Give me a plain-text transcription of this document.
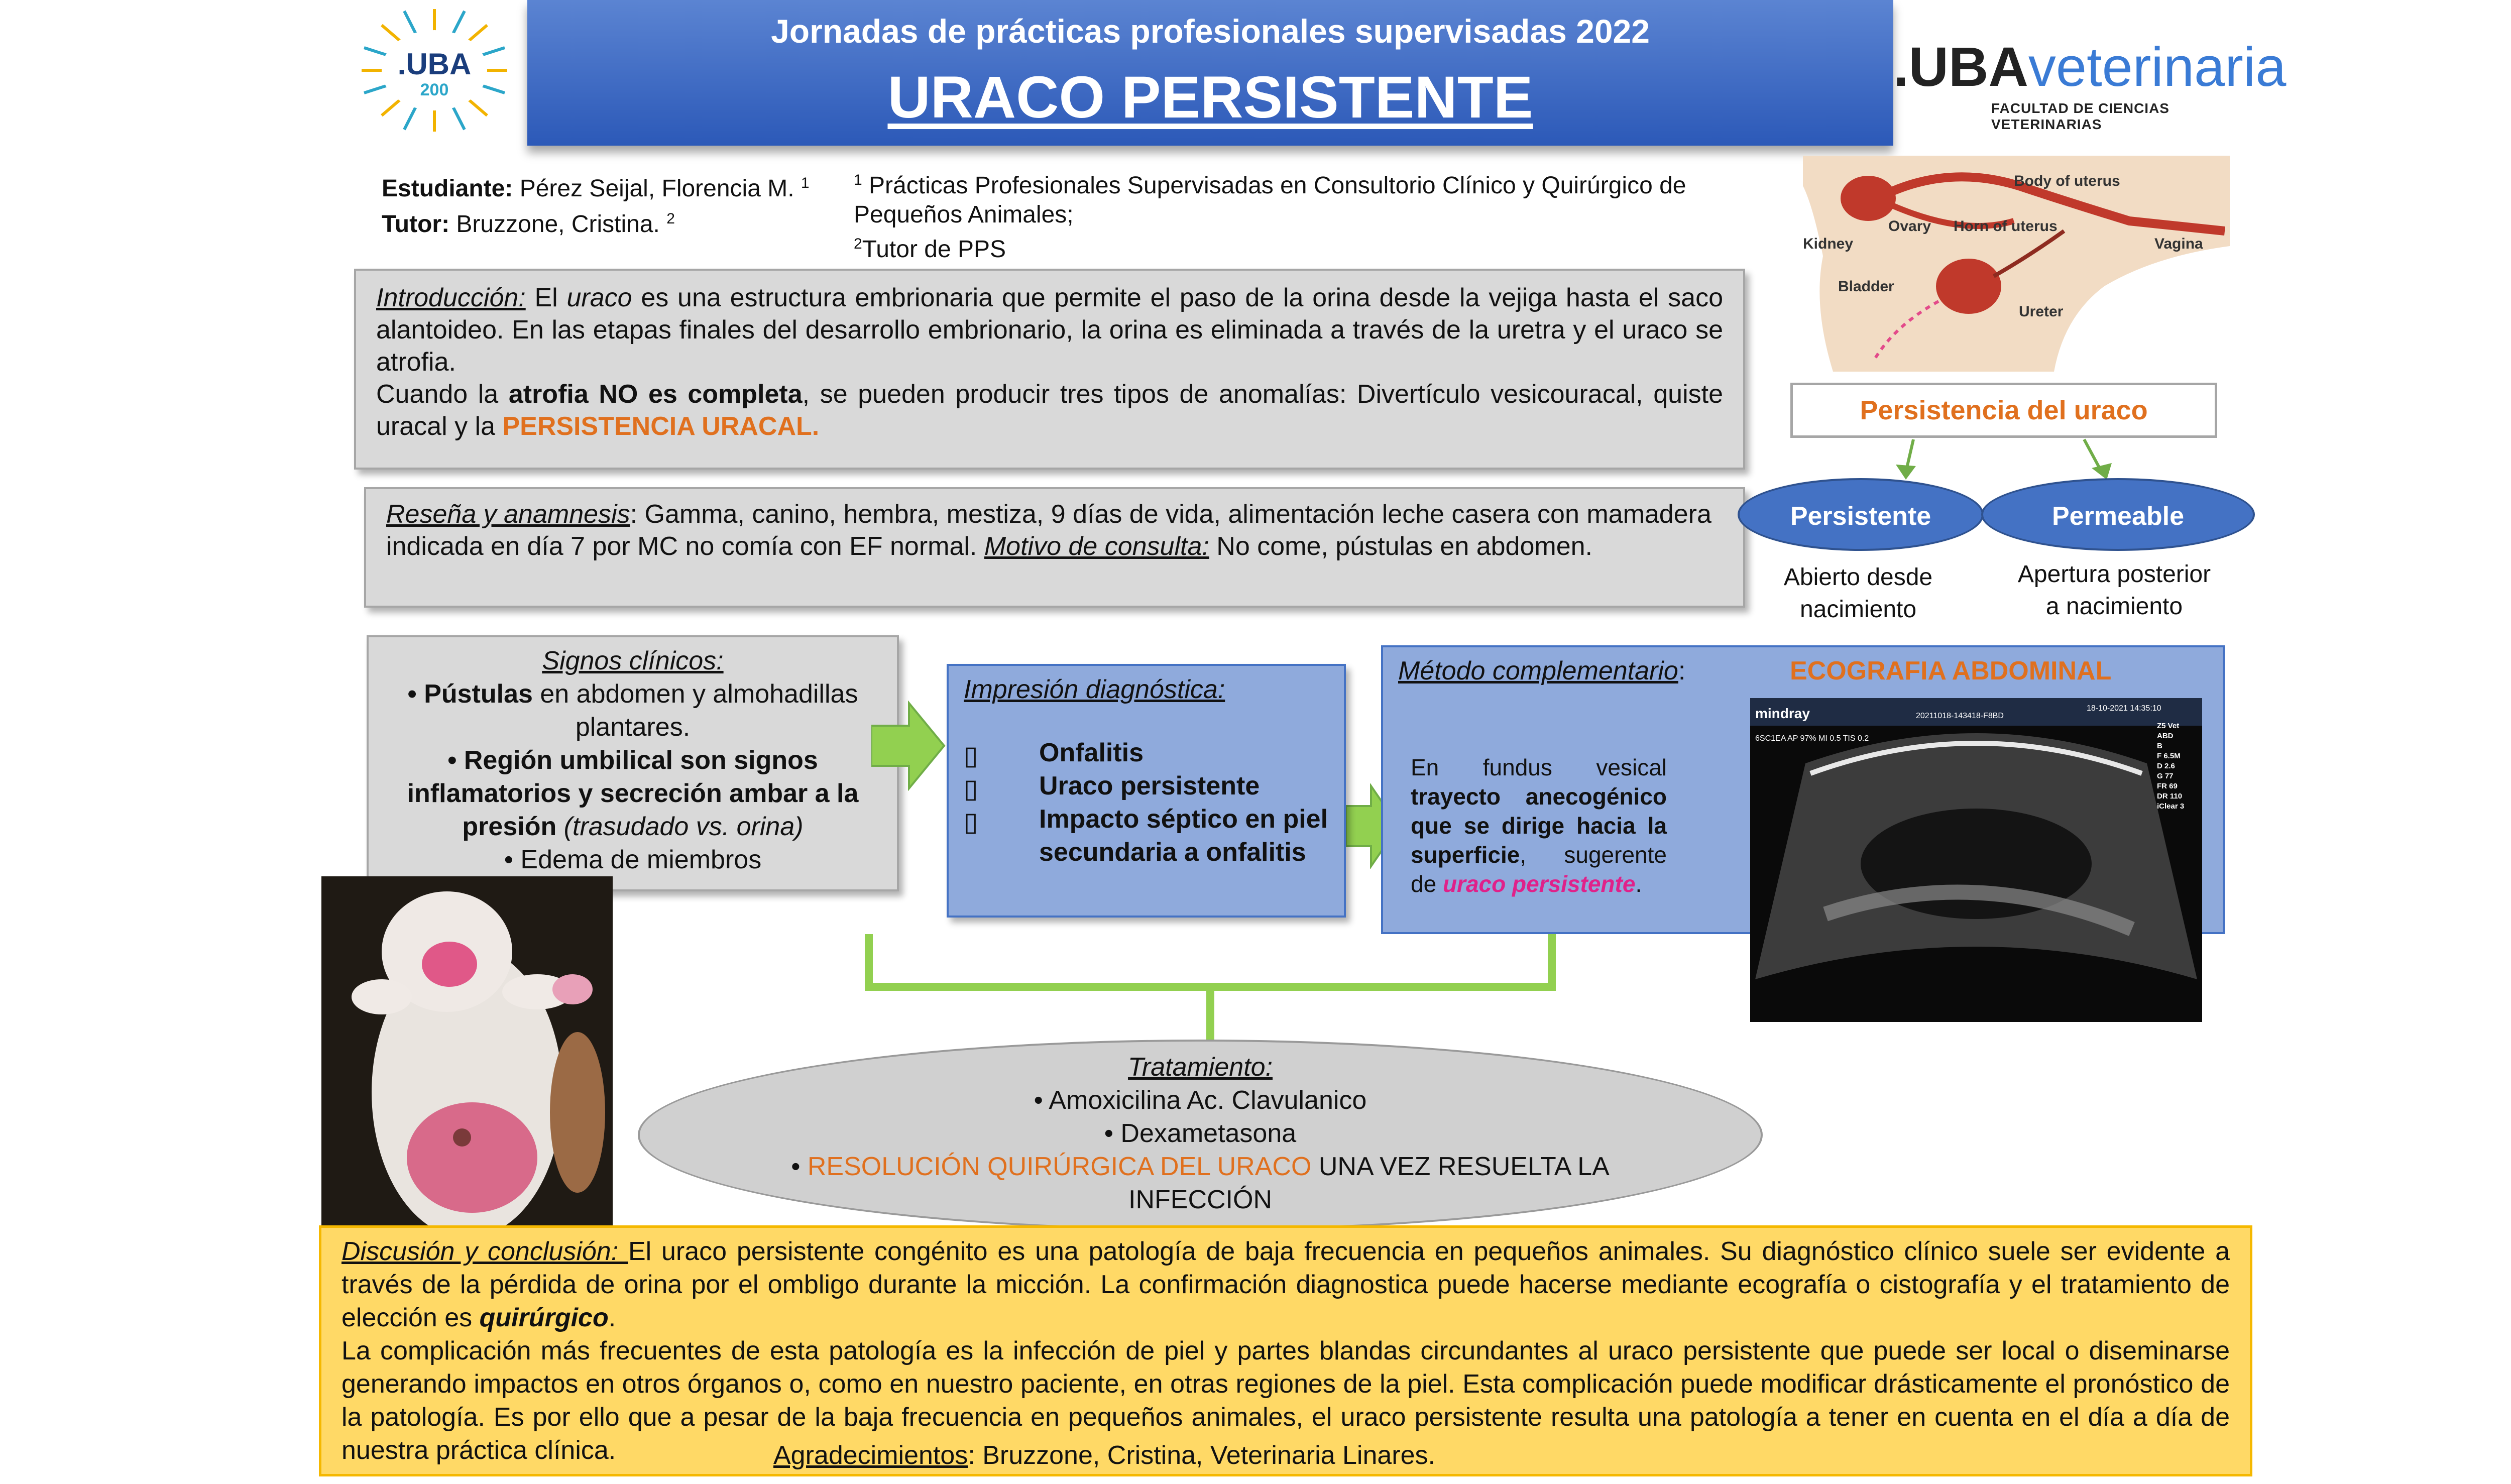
.UBA
200
Jornadas de prácticas profesionales supervisadas 2022
URACO PERSISTENTE	.UBAveterinaria
FACULTAD DE CIENCIAS VETERINARIAS
Estudiante: Pérez Seijal, Florencia M. $^1$
Tutor: Bruzzone, Cristina. $^2$
$^1$ Prácticas Profesionales Supervisadas en Consultorio Clínico y Quirúrgico de Pequeños Animales;
$^2$Tutor de PPS	Kidney
Ovary Horn of uterus
Body of uterus
Vagina
Bladder
Ureter
Introducción: El uraco es una estructura embrionaria que permite el paso de la orina desde la vejiga hasta el saco alantoideo. En las etapas finales del desarrollo embrionario, la orina es eliminada a través de la uretra y el uraco se atrofia.
Cuando la atrofia NO es completa, se pueden producir tres tipos de anomalías: Divertículo vesicouracal, quiste uracal y la PERSISTENCIA URACAL.
Reseña y anamnesis: Gamma, canino, hembra, mestiza, 9 días de vida, alimentación leche casera con mamadera indicada en día 7 por MC no comía con EF normal. Motivo de consulta: No come, pústulas en abdomen.
Persistencia del uraco
Persistente	Permeable
Abierto desde
nacimiento
Apertura posterior
a nacimiento
Signos clínicos:
• Pústulas en abdomen y almohadillas plantares.
• Región umbilical son signos inflamatorios y secreción ambar a la presión (trasudado vs. orina)
• Edema de miembros
Impresión diagnóstica:
▯ Onfalitis
▯ Uraco persistente
▯ Impacto séptico en piel secundaria a onfalitis
Método complementario:	ECOGRAFIA ABDOMINAL
En fundus vesical trayecto anecogénico que se dirige hacia la superficie, sugerente de uraco persistente.
mindray	20211018-143418-F8BD
18-10-2021 14:35:10
6SC1EA AP 97% MI 0.5 TIS 0.2
Z5 Vet
ABD
B
F 6.5M
D 2.6
G 77
FR 69
DR 110
iClear 3
Tratamiento:
• Amoxicilina Ac. Clavulanico
• Dexametasona
• RESOLUCIÓN QUIRÚRGICA DEL URACO UNA VEZ RESUELTA LA INFECCIÓN
Discusión y conclusión: El uraco persistente congénito es una patología de baja frecuencia en pequeños animales. Su diagnóstico clínico suele ser evidente a través de la pérdida de orina por el ombligo durante la micción. La confirmación diagnostica puede hacerse mediante ecografía o cistografía y el tratamiento de elección es quirúrgico.
La complicación más frecuentes de esta patología es la infección de piel y partes blandas circundantes al uraco persistente que puede ser local o diseminarse generando impactos en otros órganos o, como en nuestro paciente, en otras regiones de la piel. Esta complicación puede modificar drásticamente el pronóstico de la patología. Es por ello que a pesar de la baja frecuencia en pequeños animales, el uraco persistente resulta una patología a tener en cuenta en el día a día de nuestra práctica clínica.	Agradecimientos: Bruzzone, Cristina, Veterinaria Linares.
